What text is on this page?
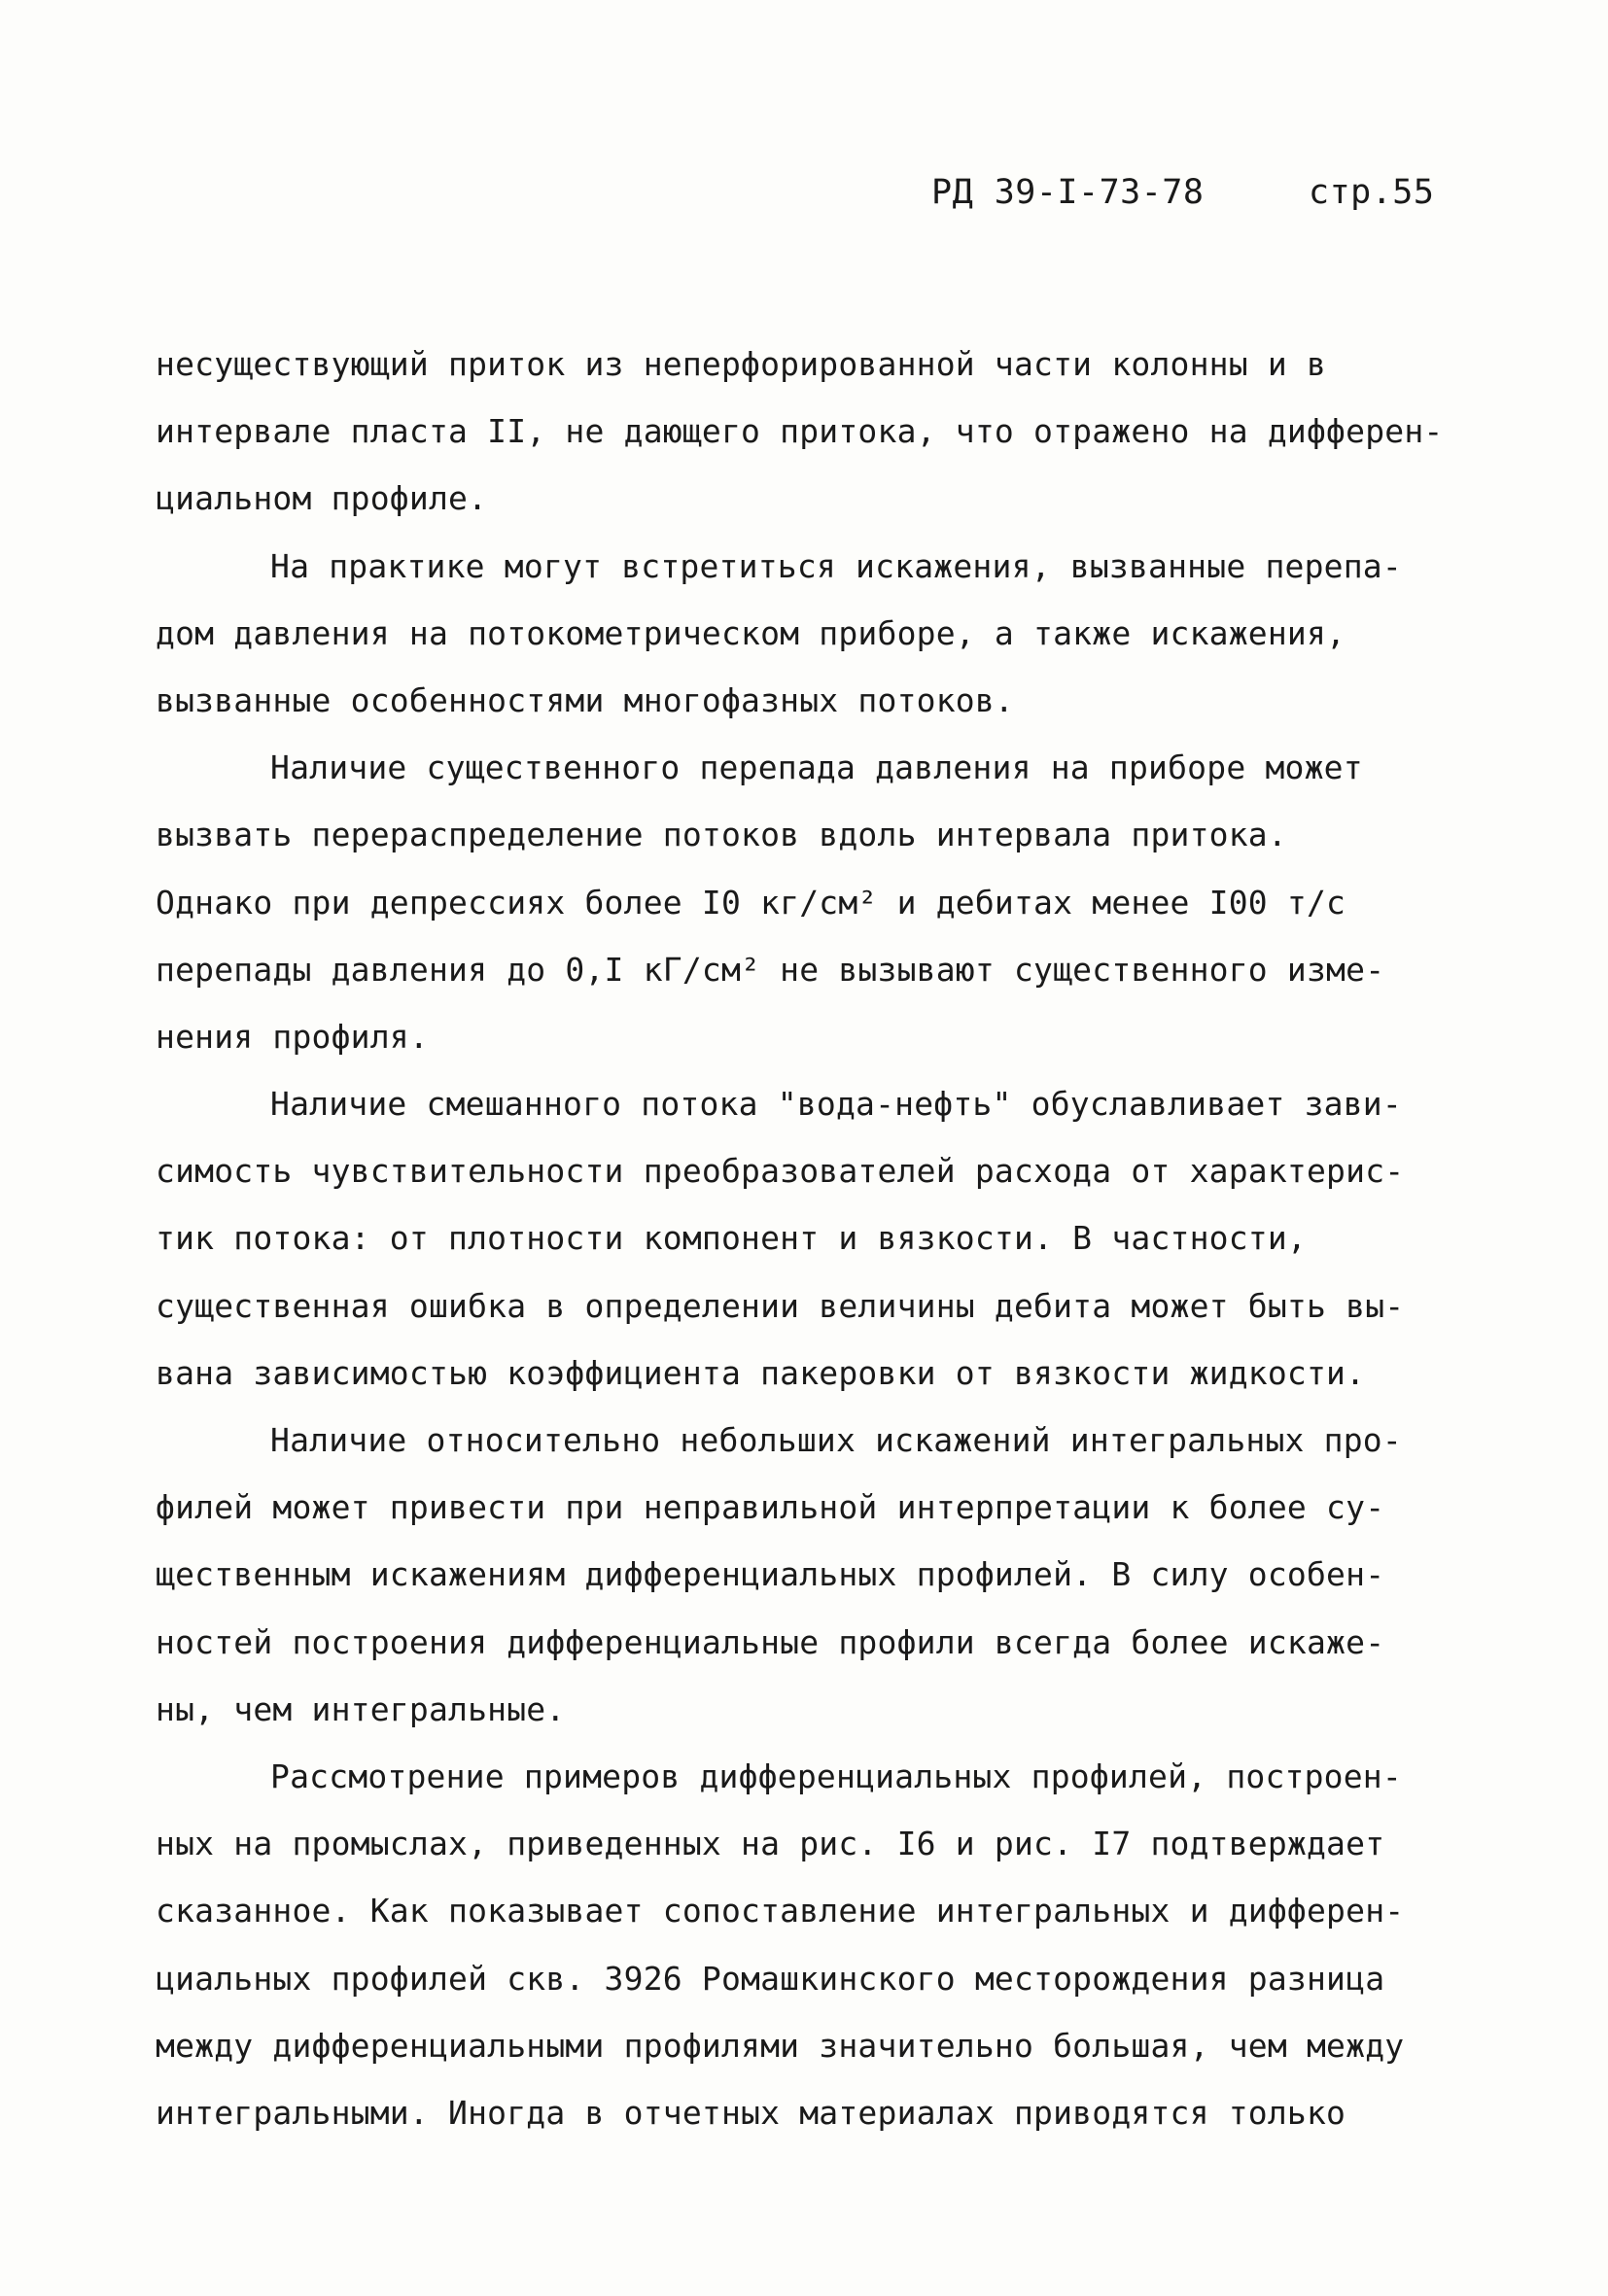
РД 39-I-73-78	стр.55
несуществующий приток из неперфорированной части колонны и в
интервале пласта II, не дающего притока, что отражено на дифферен-
циальном профиле.
На практике могут встретиться искажения, вызванные перепа-
дом давления на потокометрическом приборе, а также искажения,
вызванные особенностями многофазных потоков.
Наличие существенного перепада давления на приборе может
вызвать перераспределение потоков вдоль интервала притока.
Однако при депрессиях более I0 кг/см² и дебитах менее I00 т/с
перепады давления до 0,I кГ/см² не вызывают существенного изме-
нения профиля.
Наличие смешанного потока "вода-нефть" обуславливает зави-
симость чувствительности преобразователей расхода от характерис-
тик потока: от плотности компонент и вязкости. В частности,
существенная ошибка в определении величины дебита может быть вы-
вана зависимостью коэффициента пакеровки от вязкости жидкости.
Наличие относительно небольших искажений интегральных про-
филей может привести при неправильной интерпретации к более су-
щественным искажениям дифференциальных профилей. В силу особен-
ностей построения дифференциальные профили всегда более искаже-
ны, чем интегральные.
Рассмотрение примеров дифференциальных профилей, построен-
ных на промыслах, приведенных на рис. I6 и рис. I7 подтверждает
сказанное. Как показывает сопоставление интегральных и дифферен-
циальных профилей скв. 3926 Ромашкинского месторождения разница
между дифференциальными профилями значительно большая, чем между
интегральными. Иногда в отчетных материалах приводятся только
